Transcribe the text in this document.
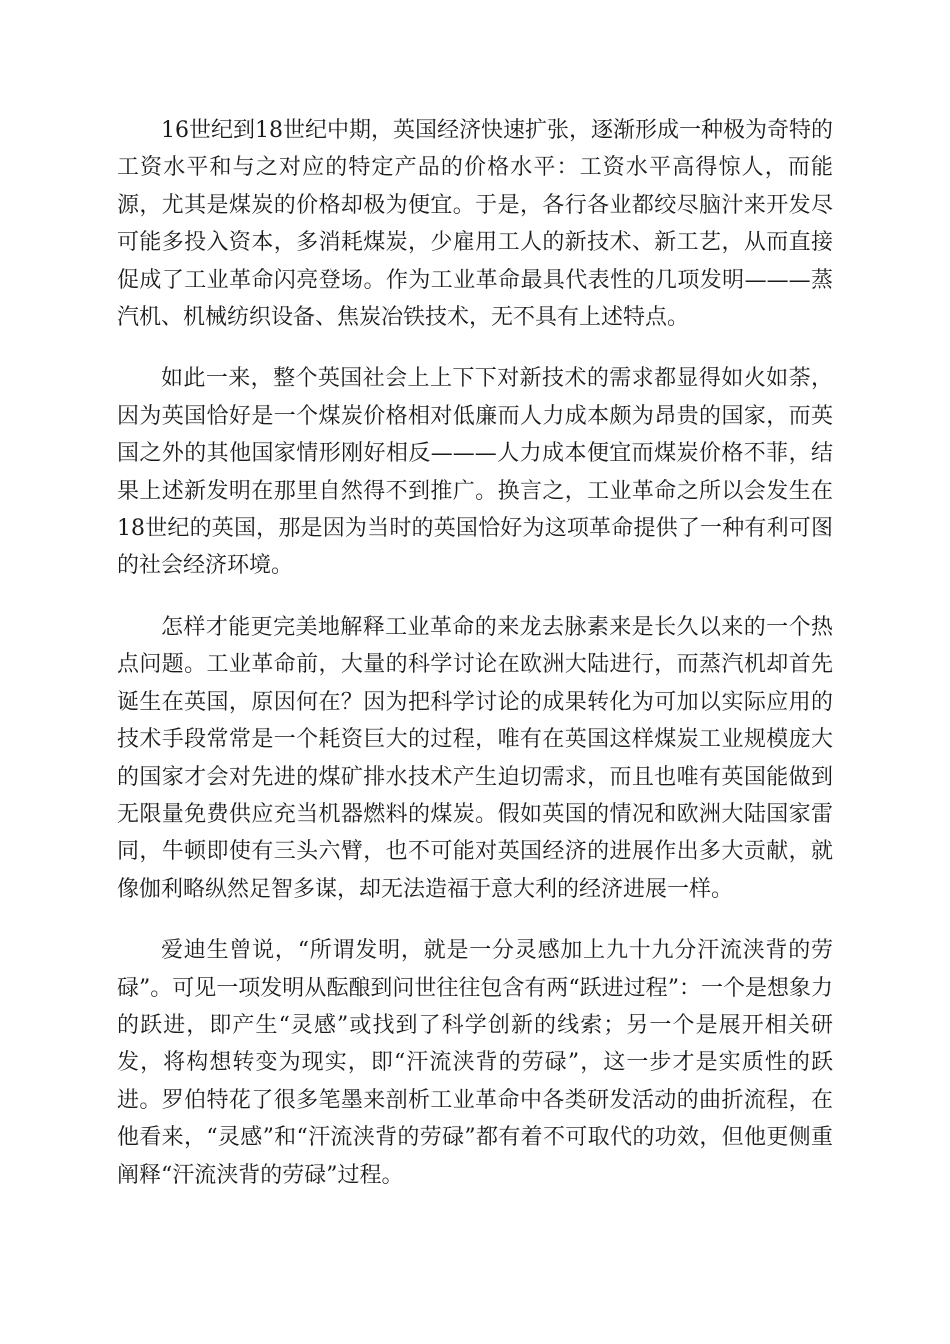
16世纪到18世纪中期，英国经济快速扩张，逐渐形成一种极为奇特的工资水平和与之对应的特定产品的价格水平：工资水平高得惊人，而能源，尤其是煤炭的价格却极为便宜。于是，各行各业都绞尽脑汁来开发尽可能多投入资本，多消耗煤炭，少雇用工人的新技术、新工艺，从而直接促成了工业革命闪亮登场。作为工业革命最具代表性的几项发明———蒸汽机、机械纺织设备、焦炭冶铁技术，无不具有上述特点。

如此一来，整个英国社会上上下下对新技术的需求都显得如火如荼，因为英国恰好是一个煤炭价格相对低廉而人力成本颇为昂贵的国家，而英国之外的其他国家情形刚好相反———人力成本便宜而煤炭价格不菲，结果上述新发明在那里自然得不到推广。换言之，工业革命之所以会发生在18世纪的英国，那是因为当时的英国恰好为这项革命提供了一种有利可图的社会经济环境。

怎样才能更完美地解释工业革命的来龙去脉素来是长久以来的一个热点问题。工业革命前，大量的科学讨论在欧洲大陆进行，而蒸汽机却首先诞生在英国，原因何在？因为把科学讨论的成果转化为可加以实际应用的技术手段常常是一个耗资巨大的过程，唯有在英国这样煤炭工业规模庞大的国家才会对先进的煤矿排水技术产生迫切需求，而且也唯有英国能做到无限量免费供应充当机器燃料的煤炭。假如英国的情况和欧洲大陆国家雷同，牛顿即使有三头六臂，也不可能对英国经济的进展作出多大贡献，就像伽利略纵然足智多谋，却无法造福于意大利的经济进展一样。

爱迪生曾说，“所谓发明，就是一分灵感加上九十九分汗流浃背的劳碌”。可见一项发明从酝酿到问世往往包含有两“跃进过程”：一个是想象力的跃进，即产生“灵感”或找到了科学创新的线索；另一个是展开相关研发，将构想转变为现实，即“汗流浃背的劳碌”，这一步才是实质性的跃进。罗伯特花了很多笔墨来剖析工业革命中各类研发活动的曲折流程，在他看来，“灵感”和“汗流浃背的劳碌”都有着不可取代的功效，但他更侧重阐释“汗流浃背的劳碌”过程。
